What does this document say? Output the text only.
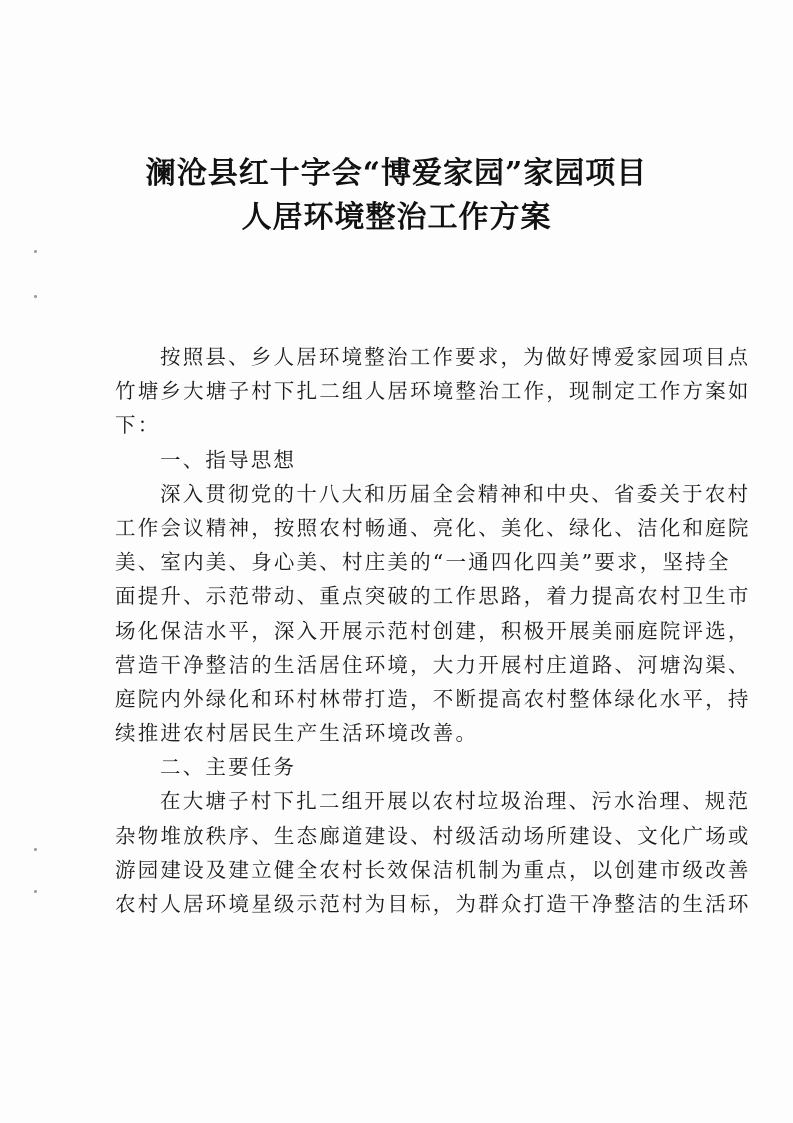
澜沧县红十字会“博爱家园”家园项目
人居环境整治工作方案
按照县、乡人居环境整治工作要求，为做好博爱家园项目点
竹塘乡大塘子村下扎二组人居环境整治工作，现制定工作方案如
下：
一、指导思想
深入贯彻党的十八大和历届全会精神和中央、省委关于农村
工作会议精神，按照农村畅通、亮化、美化、绿化、洁化和庭院
美、室内美、身心美、村庄美的“一通四化四美”要求，坚持全
面提升、示范带动、重点突破的工作思路，着力提高农村卫生市
场化保洁水平，深入开展示范村创建，积极开展美丽庭院评选，
营造干净整洁的生活居住环境，大力开展村庄道路、河塘沟渠、
庭院内外绿化和环村林带打造，不断提高农村整体绿化水平，持
续推进农村居民生产生活环境改善。
二、主要任务
在大塘子村下扎二组开展以农村垃圾治理、污水治理、规范
杂物堆放秩序、生态廊道建设、村级活动场所建设、文化广场或
游园建设及建立健全农村长效保洁机制为重点，以创建市级改善
农村人居环境星级示范村为目标，为群众打造干净整洁的生活环
